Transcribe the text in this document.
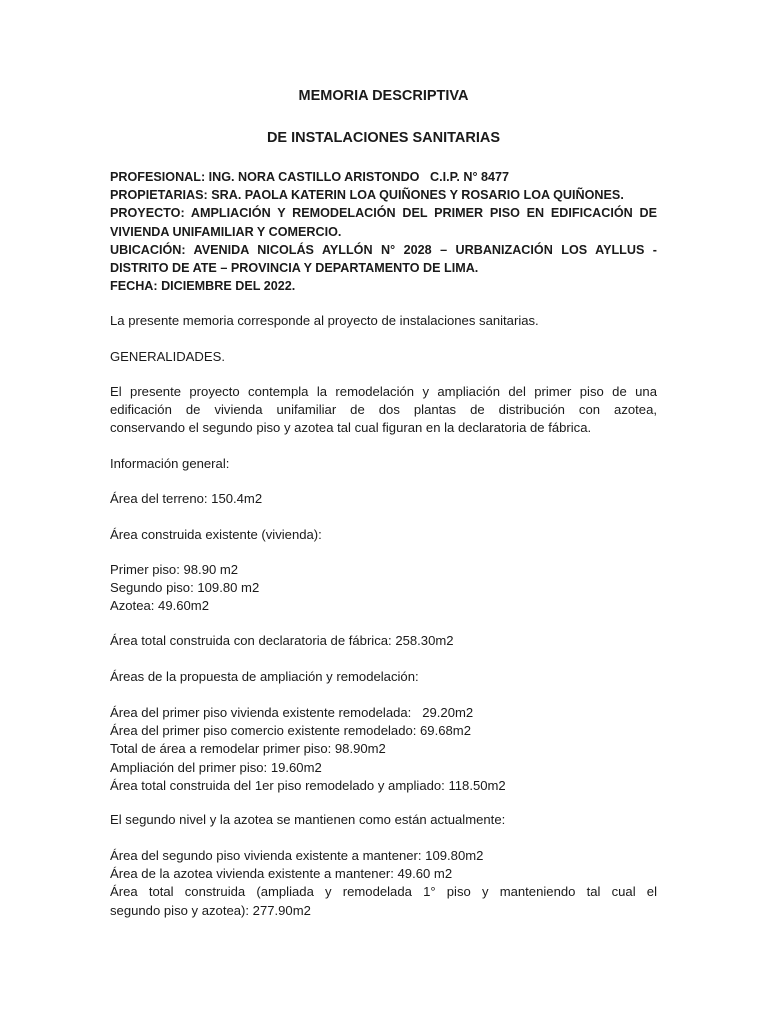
MEMORIA DESCRIPTIVA
DE INSTALACIONES SANITARIAS
PROFESIONAL: ING. NORA CASTILLO ARISTONDO   C.I.P. N° 8477
PROPIETARIAS: SRA. PAOLA KATERIN LOA QUIÑONES Y ROSARIO LOA QUIÑONES.
PROYECTO: AMPLIACIÓN Y REMODELACIÓN DEL PRIMER PISO EN EDIFICACIÓN DE
VIVIENDA UNIFAMILIAR Y COMERCIO.
UBICACIÓN: AVENIDA NICOLÁS AYLLÓN N° 2028 – URBANIZACIÓN LOS AYLLUS -
DISTRITO DE ATE – PROVINCIA Y DEPARTAMENTO DE LIMA.
FECHA: DICIEMBRE DEL 2022.
La presente memoria corresponde al proyecto de instalaciones sanitarias.
GENERALIDADES.
El presente proyecto contempla la remodelación y ampliación del primer piso de una
edificación de vivienda unifamiliar de dos plantas de distribución con azotea,
conservando el segundo piso y azotea tal cual figuran en la declaratoria de fábrica.
Información general:
Área del terreno: 150.4m2
Área construida existente (vivienda):
Primer piso: 98.90 m2
Segundo piso: 109.80 m2
Azotea: 49.60m2
Área total construida con declaratoria de fábrica: 258.30m2
Áreas de la propuesta de ampliación y remodelación:
Área del primer piso vivienda existente remodelada:   29.20m2
Área del primer piso comercio existente remodelado: 69.68m2
Total de área a remodelar primer piso: 98.90m2
Ampliación del primer piso: 19.60m2
Área total construida del 1er piso remodelado y ampliado: 118.50m2
El segundo nivel y la azotea se mantienen como están actualmente:
Área del segundo piso vivienda existente a mantener: 109.80m2
Área de la azotea vivienda existente a mantener: 49.60 m2
Área total construida (ampliada y remodelada 1° piso y manteniendo tal cual el
segundo piso y azotea): 277.90m2
